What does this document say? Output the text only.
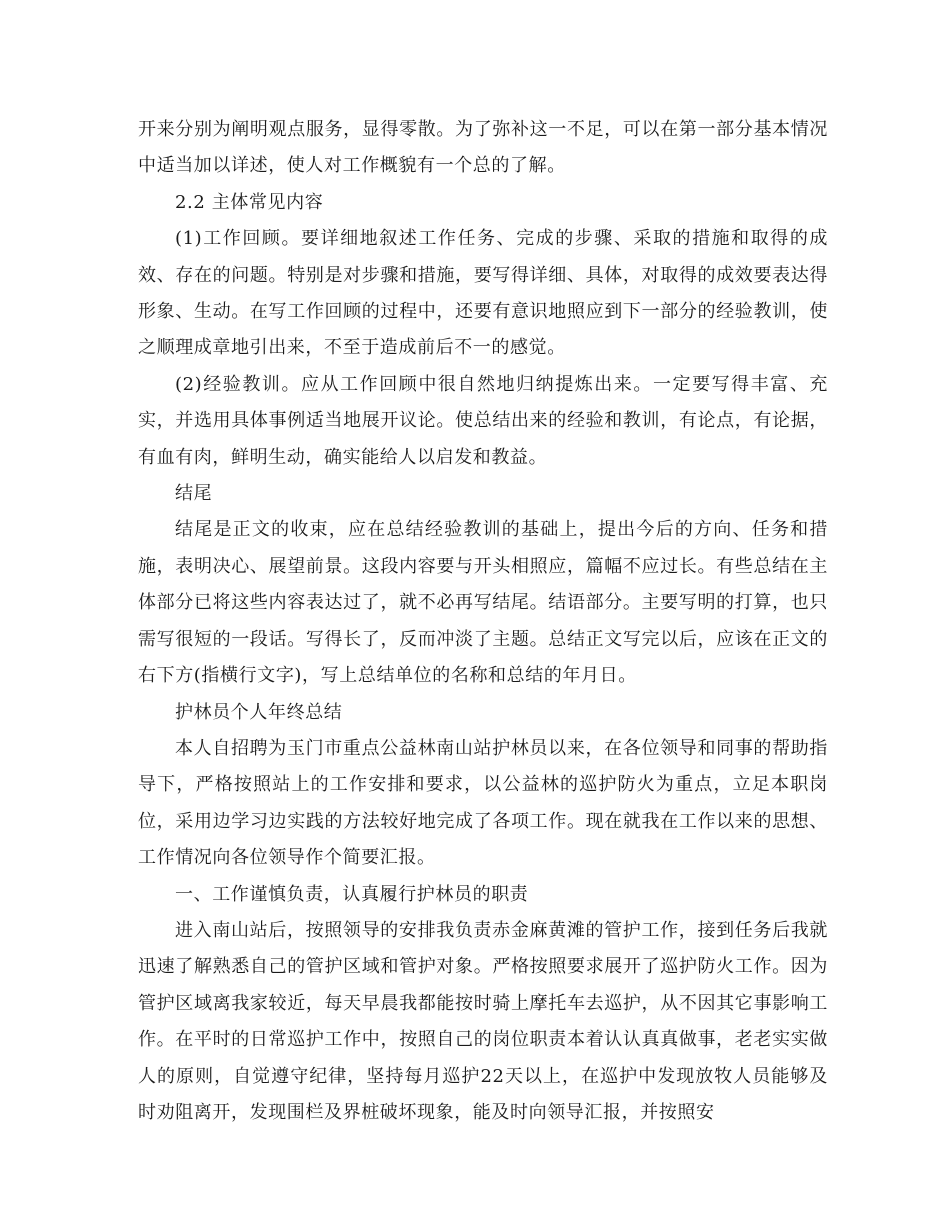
开来分别为阐明观点服务，显得零散。为了弥补这一不足，可以在第一部分基本情况中适当加以详述，使人对工作概貌有一个总的了解。

2.2 主体常见内容

(1)工作回顾。要详细地叙述工作任务、完成的步骤、采取的措施和取得的成效、存在的问题。特别是对步骤和措施，要写得详细、具体，对取得的成效要表达得形象、生动。在写工作回顾的过程中，还要有意识地照应到下一部分的经验教训，使之顺理成章地引出来，不至于造成前后不一的感觉。

(2)经验教训。应从工作回顾中很自然地归纳提炼出来。一定要写得丰富、充实，并选用具体事例适当地展开议论。使总结出来的经验和教训，有论点，有论据，有血有肉，鲜明生动，确实能给人以启发和教益。

结尾

结尾是正文的收束，应在总结经验教训的基础上，提出今后的方向、任务和措施，表明决心、展望前景。这段内容要与开头相照应，篇幅不应过长。有些总结在主体部分已将这些内容表达过了，就不必再写结尾。结语部分。主要写明的打算，也只需写很短的一段话。写得长了，反而冲淡了主题。总结正文写完以后，应该在正文的右下方(指横行文字)，写上总结单位的名称和总结的年月日。

护林员个人年终总结

本人自招聘为玉门市重点公益林南山站护林员以来，在各位领导和同事的帮助指导下，严格按照站上的工作安排和要求，以公益林的巡护防火为重点，立足本职岗位，采用边学习边实践的方法较好地完成了各项工作。现在就我在工作以来的思想、工作情况向各位领导作个简要汇报。

一、工作谨慎负责，认真履行护林员的职责

进入南山站后，按照领导的安排我负责赤金麻黄滩的管护工作，接到任务后我就迅速了解熟悉自己的管护区域和管护对象。严格按照要求展开了巡护防火工作。因为管护区域离我家较近，每天早晨我都能按时骑上摩托车去巡护，从不因其它事影响工作。在平时的日常巡护工作中，按照自己的岗位职责本着认认真真做事，老老实实做人的原则，自觉遵守纪律，坚持每月巡护22天以上，在巡护中发现放牧人员能够及时劝阻离开，发现围栏及界桩破坏现象，能及时向领导汇报，并按照安
